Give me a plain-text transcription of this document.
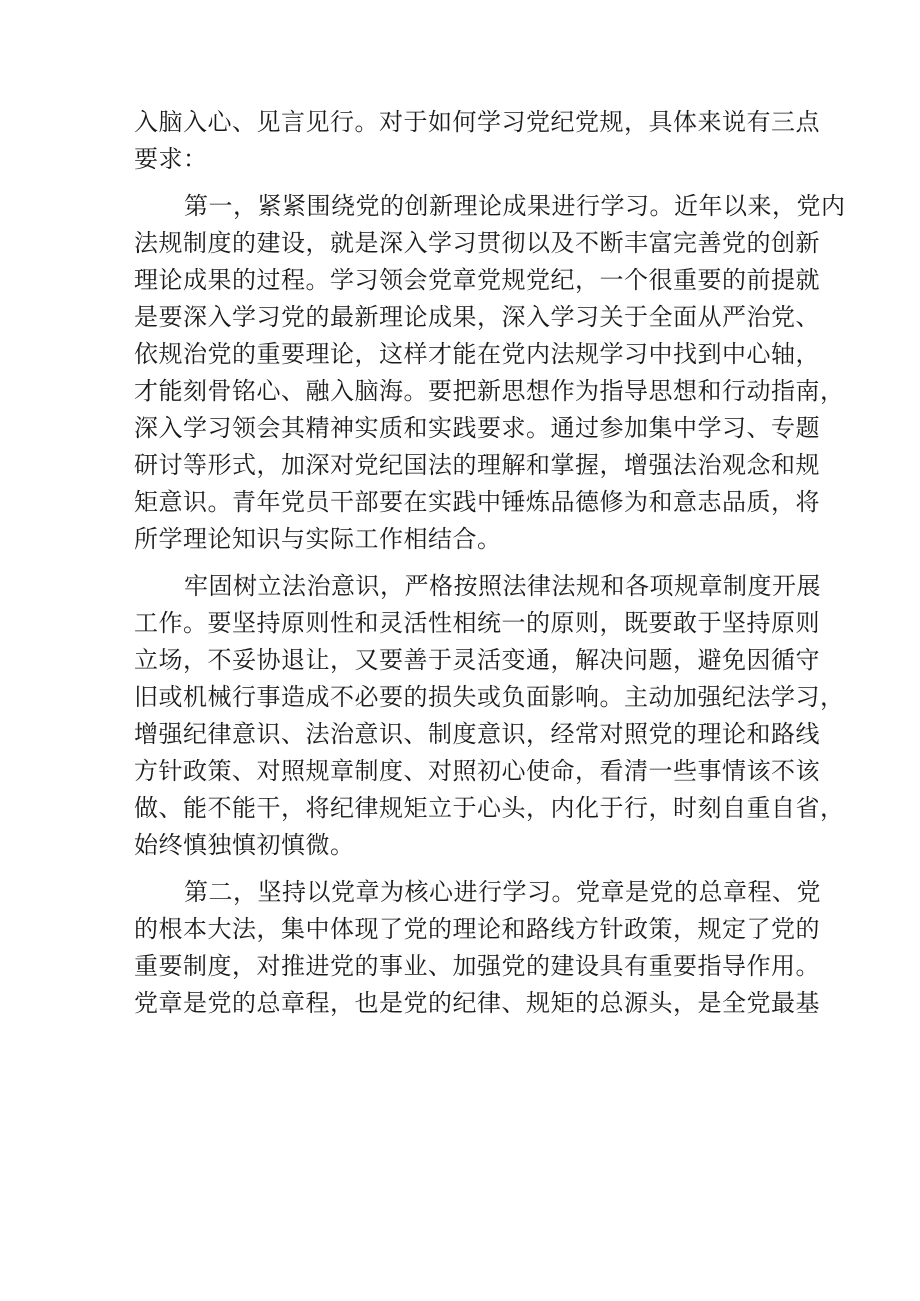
入脑入心、见言见行。对于如何学习党纪党规，具体来说有三点
要求：

第一，紧紧围绕党的创新理论成果进行学习。近年以来，党内
法规制度的建设，就是深入学习贯彻以及不断丰富完善党的创新
理论成果的过程。学习领会党章党规党纪，一个很重要的前提就
是要深入学习党的最新理论成果，深入学习关于全面从严治党、
依规治党的重要理论，这样才能在党内法规学习中找到中心轴，
才能刻骨铭心、融入脑海。要把新思想作为指导思想和行动指南，
深入学习领会其精神实质和实践要求。通过参加集中学习、专题
研讨等形式，加深对党纪国法的理解和掌握，增强法治观念和规
矩意识。青年党员干部要在实践中锤炼品德修为和意志品质，将
所学理论知识与实际工作相结合。

牢固树立法治意识，严格按照法律法规和各项规章制度开展
工作。要坚持原则性和灵活性相统一的原则，既要敢于坚持原则
立场，不妥协退让，又要善于灵活变通，解决问题，避免因循守
旧或机械行事造成不必要的损失或负面影响。主动加强纪法学习，
增强纪律意识、法治意识、制度意识，经常对照党的理论和路线
方针政策、对照规章制度、对照初心使命，看清一些事情该不该
做、能不能干，将纪律规矩立于心头，内化于行，时刻自重自省，
始终慎独慎初慎微。

第二，坚持以党章为核心进行学习。党章是党的总章程、党
的根本大法，集中体现了党的理论和路线方针政策，规定了党的
重要制度，对推进党的事业、加强党的建设具有重要指导作用。
党章是党的总章程，也是党的纪律、规矩的总源头，是全党最基
